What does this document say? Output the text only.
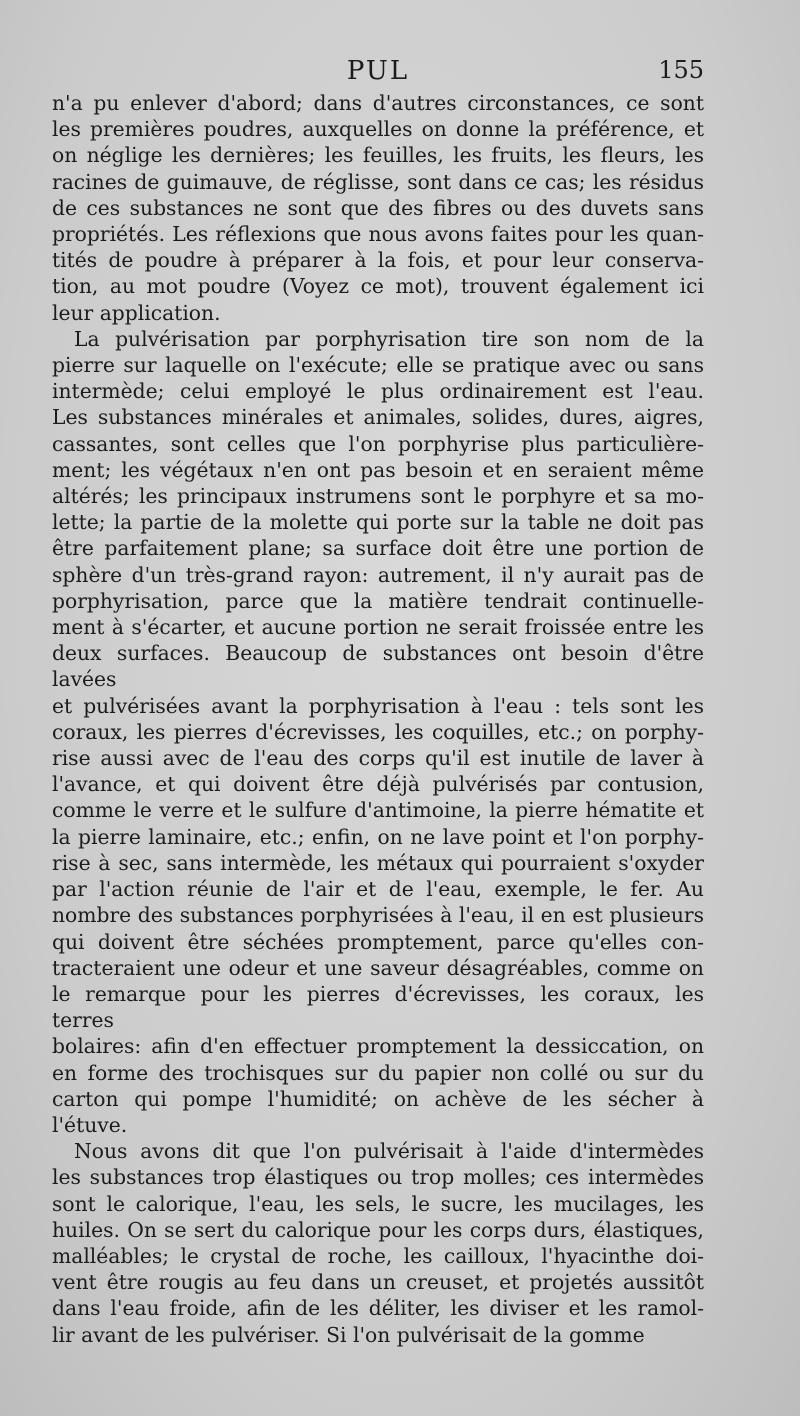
PUL	155
n'a pu enlever d'abord; dans d'autres circonstances, ce sont
les premières poudres, auxquelles on donne la préférence, et
on néglige les dernières; les feuilles, les fruits, les fleurs, les
racines de guimauve, de réglisse, sont dans ce cas; les résidus
de ces substances ne sont que des fibres ou des duvets sans
propriétés. Les réflexions que nous avons faites pour les quan-
tités de poudre à préparer à la fois, et pour leur conserva-
tion, au mot poudre (Voyez ce mot), trouvent également ici
leur application.
La pulvérisation par porphyrisation tire son nom de la
pierre sur laquelle on l'exécute; elle se pratique avec ou sans
intermède; celui employé le plus ordinairement est l'eau.
Les substances minérales et animales, solides, dures, aigres,
cassantes, sont celles que l'on porphyrise plus particulière-
ment; les végétaux n'en ont pas besoin et en seraient même
altérés; les principaux instrumens sont le porphyre et sa mo-
lette; la partie de la molette qui porte sur la table ne doit pas
être parfaitement plane; sa surface doit être une portion de
sphère d'un très-grand rayon: autrement, il n'y aurait pas de
porphyrisation, parce que la matière tendrait continuelle-
ment à s'écarter, et aucune portion ne serait froissée entre les
deux surfaces. Beaucoup de substances ont besoin d'être lavées
et pulvérisées avant la porphyrisation à l'eau : tels sont les
coraux, les pierres d'écrevisses, les coquilles, etc.; on porphy-
rise aussi avec de l'eau des corps qu'il est inutile de laver à
l'avance, et qui doivent être déjà pulvérisés par contusion,
comme le verre et le sulfure d'antimoine, la pierre hématite et
la pierre laminaire, etc.; enfin, on ne lave point et l'on porphy-
rise à sec, sans intermède, les métaux qui pourraient s'oxyder
par l'action réunie de l'air et de l'eau, exemple, le fer. Au
nombre des substances porphyrisées à l'eau, il en est plusieurs
qui doivent être séchées promptement, parce qu'elles con-
tracteraient une odeur et une saveur désagréables, comme on
le remarque pour les pierres d'écrevisses, les coraux, les terres
bolaires: afin d'en effectuer promptement la dessiccation, on
en forme des trochisques sur du papier non collé ou sur du
carton qui pompe l'humidité; on achève de les sécher à
l'étuve.
Nous avons dit que l'on pulvérisait à l'aide d'intermèdes
les substances trop élastiques ou trop molles; ces intermèdes
sont le calorique, l'eau, les sels, le sucre, les mucilages, les
huiles. On se sert du calorique pour les corps durs, élastiques,
malléables; le crystal de roche, les cailloux, l'hyacinthe doi-
vent être rougis au feu dans un creuset, et projetés aussitôt
dans l'eau froide, afin de les déliter, les diviser et les ramol-
lir avant de les pulvériser. Si l'on pulvérisait de la gomme
